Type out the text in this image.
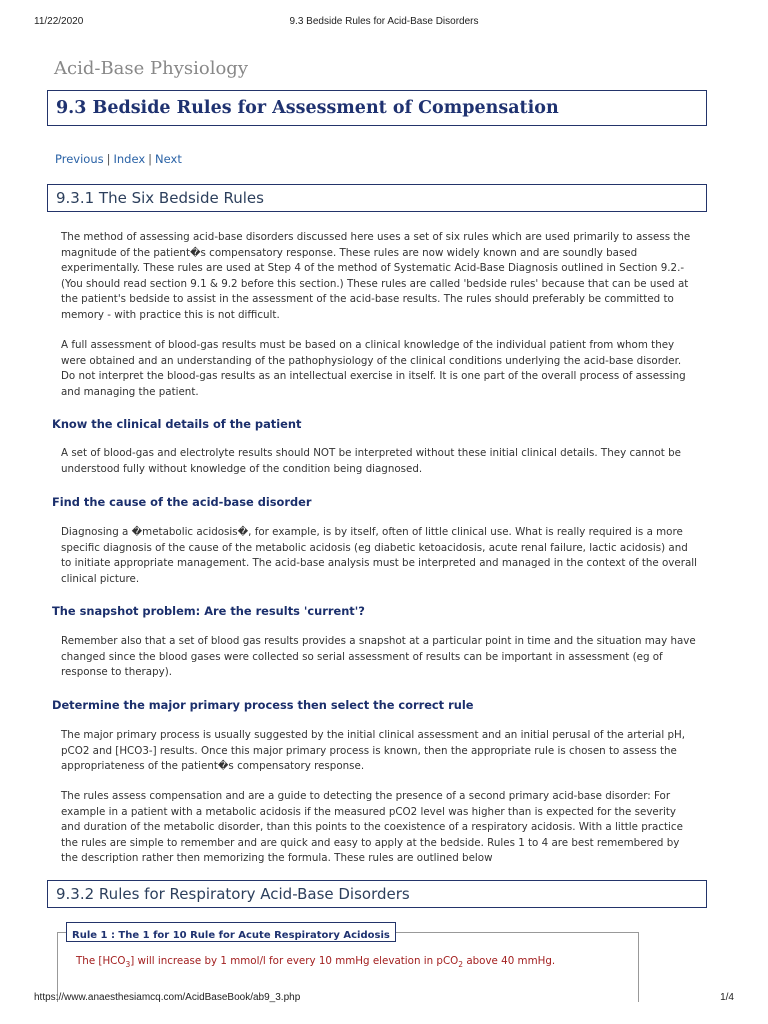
11/22/2020	9.3 Bedside Rules for Acid-Base Disorders
Acid-Base Physiology
9.3 Bedside Rules for Assessment of Compensation
Previous | Index | Next
9.3.1 The Six Bedside Rules
The method of assessing acid-base disorders discussed here uses a set of six rules which are used primarily to assess the magnitude of the patient�s compensatory response. These rules are now widely known and are soundly based experimentally. These rules are used at Step 4 of the method of Systematic Acid-Base Diagnosis outlined in Section 9.2.- (You should read section 9.1 & 9.2 before this section.) These rules are called 'bedside rules' because that can be used at the patient's bedside to assist in the assessment of the acid-base results. The rules should preferably be committed to memory - with practice this is not difficult.
A full assessment of blood-gas results must be based on a clinical knowledge of the individual patient from whom they were obtained and an understanding of the pathophysiology of the clinical conditions underlying the acid-base disorder. Do not interpret the blood-gas results as an intellectual exercise in itself. It is one part of the overall process of assessing and managing the patient.
Know the clinical details of the patient
A set of blood-gas and electrolyte results should NOT be interpreted without these initial clinical details. They cannot be understood fully without knowledge of the condition being diagnosed.
Find the cause of the acid-base disorder
Diagnosing a �metabolic acidosis�, for example, is by itself, often of little clinical use. What is really required is a more specific diagnosis of the cause of the metabolic acidosis (eg diabetic ketoacidosis, acute renal failure, lactic acidosis) and to initiate appropriate management. The acid-base analysis must be interpreted and managed in the context of the overall clinical picture.
The snapshot problem: Are the results 'current'?
Remember also that a set of blood gas results provides a snapshot at a particular point in time and the situation may have changed since the blood gases were collected so serial assessment of results can be important in assessment (eg of response to therapy).
Determine the major primary process then select the correct rule
The major primary process is usually suggested by the initial clinical assessment and an initial perusal of the arterial pH, pCO2 and [HCO3-] results. Once this major primary process is known, then the appropriate rule is chosen to assess the appropriateness of the patient�s compensatory response.
The rules assess compensation and are a guide to detecting the presence of a second primary acid-base disorder: For example in a patient with a metabolic acidosis if the measured pCO2 level was higher than is expected for the severity and duration of the metabolic disorder, than this points to the coexistence of a respiratory acidosis. With a little practice the rules are simple to remember and are quick and easy to apply at the bedside. Rules 1 to 4 are best remembered by the description rather then memorizing the formula. These rules are outlined below
9.3.2 Rules for Respiratory Acid-Base Disorders
Rule 1 : The 1 for 10 Rule for Acute Respiratory Acidosis
The $[HCO_3]$ will increase by 1 mmol/l for every 10 mmHg elevation in pCO$_2$ above 40 mmHg.
https://www.anaesthesiamcq.com/AcidBaseBook/ab9_3.php	1/4
